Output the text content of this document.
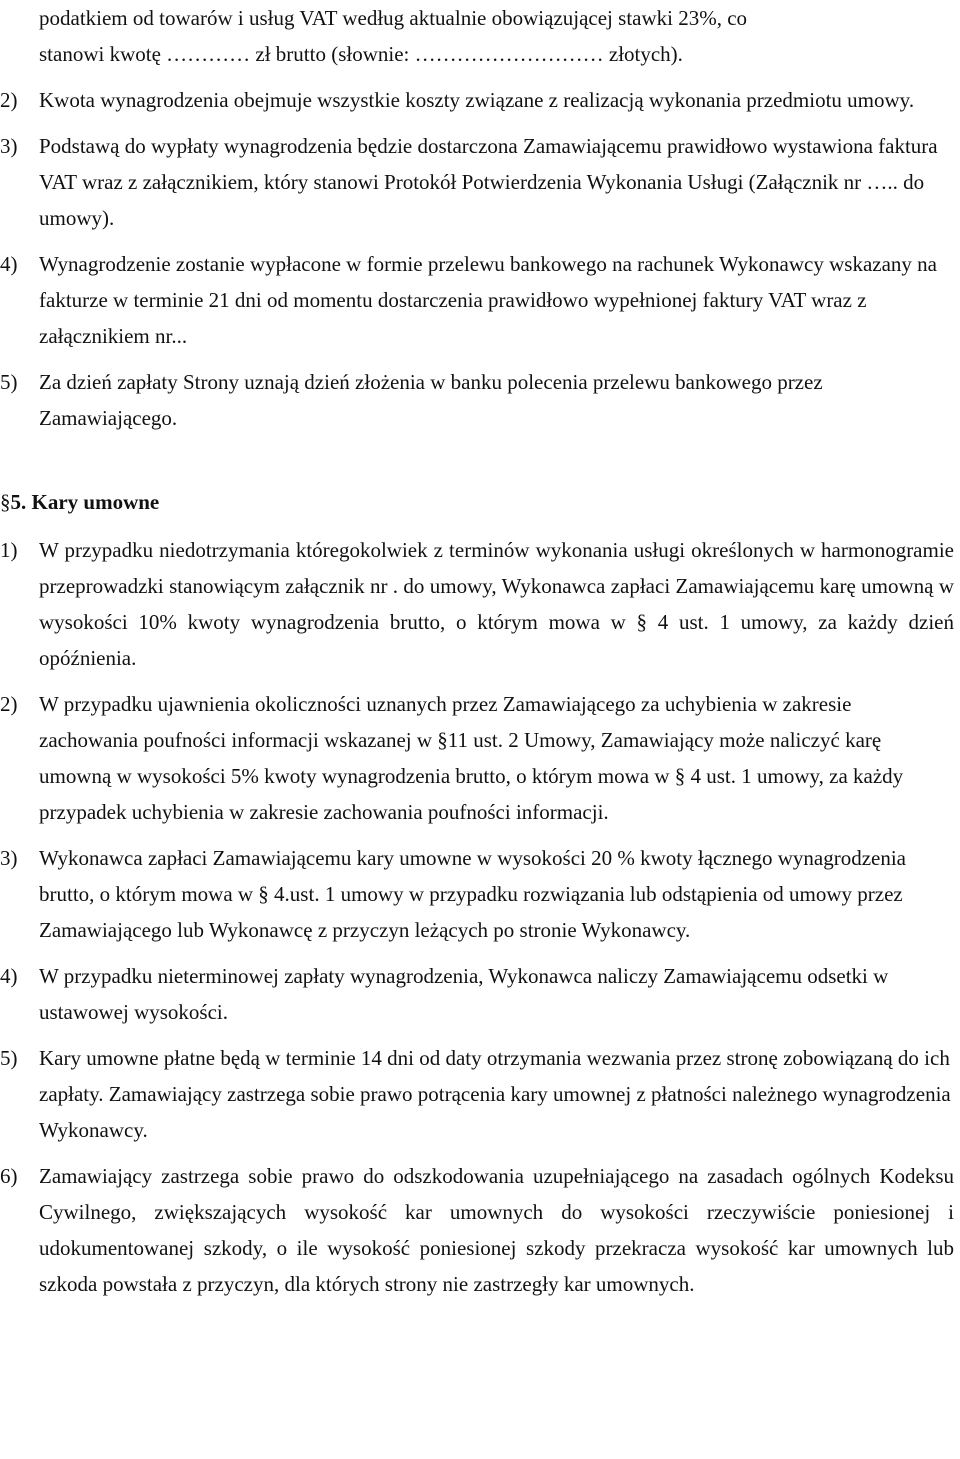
podatkiem od towarów i usług VAT według aktualnie obowiązującej stawki 23%, co
stanowi kwotę ………… zł brutto (słownie: ……………………… złotych).
2)	Kwota wynagrodzenia obejmuje wszystkie koszty związane z realizacją wykonania przedmiotu umowy.
3)	Podstawą do wypłaty wynagrodzenia będzie dostarczona Zamawiającemu prawidłowo wystawiona faktura VAT wraz z załącznikiem, który stanowi Protokół Potwierdzenia Wykonania Usługi (Załącznik nr ….. do umowy).
4)	Wynagrodzenie zostanie wypłacone w formie przelewu bankowego na rachunek Wykonawcy wskazany na fakturze w terminie 21 dni od momentu dostarczenia prawidłowo wypełnionej faktury VAT wraz z załącznikiem nr...
5)	Za dzień zapłaty Strony uznają dzień złożenia w banku polecenia przelewu bankowego przez Zamawiającego.
§5. Kary umowne
1)	W przypadku niedotrzymania któregokolwiek z terminów wykonania usługi określonych w harmonogramie przeprowadzki stanowiącym załącznik nr . do umowy, Wykonawca zapłaci Zamawiającemu karę umowną w wysokości 10% kwoty wynagrodzenia brutto, o którym mowa w § 4 ust. 1 umowy, za każdy dzień opóźnienia.
2)	W przypadku ujawnienia okoliczności uznanych przez Zamawiającego za uchybienia w zakresie zachowania poufności informacji wskazanej w §11 ust. 2 Umowy, Zamawiający może naliczyć karę umowną w wysokości 5% kwoty wynagrodzenia brutto, o którym mowa w § 4 ust. 1 umowy, za każdy przypadek uchybienia w zakresie zachowania poufności informacji.
3)	Wykonawca zapłaci Zamawiającemu kary umowne w wysokości 20 % kwoty łącznego wynagrodzenia brutto, o którym mowa w § 4.ust. 1 umowy w przypadku rozwiązania lub odstąpienia od umowy przez Zamawiającego lub Wykonawcę z przyczyn leżących po stronie Wykonawcy.
4)	W przypadku nieterminowej zapłaty wynagrodzenia, Wykonawca naliczy Zamawiającemu odsetki w ustawowej wysokości.
5)	Kary umowne płatne będą w terminie 14 dni od daty otrzymania wezwania przez stronę zobowiązaną do ich zapłaty. Zamawiający zastrzega sobie prawo potrącenia kary umownej z płatności należnego wynagrodzenia Wykonawcy.
6)	Zamawiający zastrzega sobie prawo do odszkodowania uzupełniającego na zasadach ogólnych Kodeksu Cywilnego, zwiększających wysokość kar umownych do wysokości rzeczywiście poniesionej i udokumentowanej szkody, o ile wysokość poniesionej szkody przekracza wysokość kar umownych lub szkoda powstała z przyczyn, dla których strony nie zastrzegły kar umownych.
